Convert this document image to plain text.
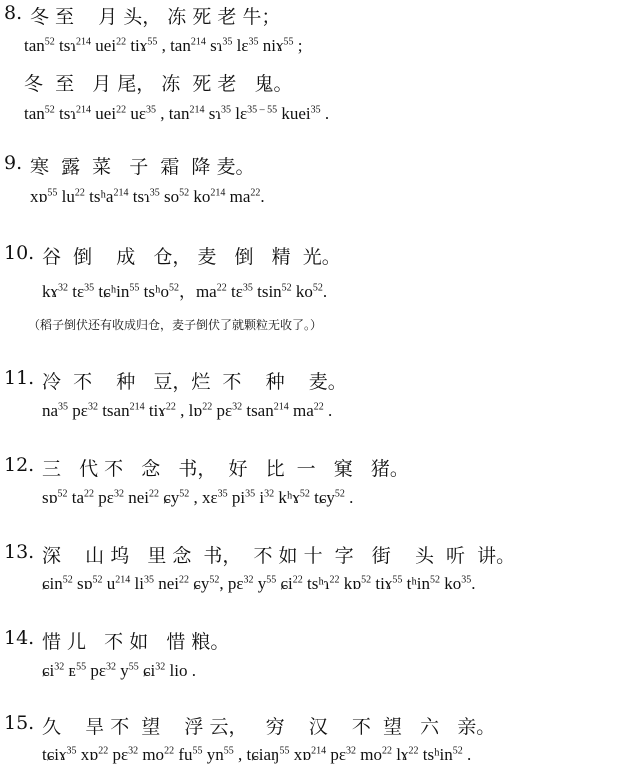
8. 冬 至    月 头， 冻 死 老 牛；
$\tan^{52}$ tsɿ$^{214}$ uei$^{22}$ tiɤ$^{55}$ , $\tan^{214}$ sɿ$^{35}$ lɛ$^{35}$ niɤ$^{55}$ ;
冬  至   月 尾， 冻  死 老   鬼。
$\tan^{52}$ tsɿ$^{214}$ uei$^{22}$ uɛ$^{35}$ , $\tan^{214}$ sɿ$^{35}$ lɛ$^{35 - 55}$ kuei$^{35}$ .
9. 寒  露  菜   子  霜  降 麦。
xɒ$^{55}$ $lu^{22}$ tsʰa$^{214}$ tsɿ$^{35}$ $so^{52}$ $ko^{214}$ $ma^{22}$.
10. 谷  倒    成   仓， 麦   倒   精  光。
kɤ$^{32}$ tɛ$^{35}$ tɕʰin$^{55}$ tsʰo$^{52}$，$ma^{22}$ tɛ$^{35}$ tsin$^{52}$ $ko^{52}$.
（稻子倒伏还有收成归仓，麦子倒伏了就颗粒无收了。）
11. 冷  不    种   豆，烂  不    种    麦。
$na^{35}$ pɛ$^{32}$ tsan$^{214}$ tiɤ$^{22}$ , lɒ$^{22}$ pɛ$^{32}$ tsan$^{214}$ $ma^{22}$ .
12. 三   代 不   念   书，  好   比  一   窠   猪。
sɒ$^{52}$ $ta^{22}$ pɛ$^{32}$ nei$^{22}$ ɕy$^{52}$ , xɛ$^{35}$ $pi^{35}$ $i^{32}$ kʰɤ$^{52}$ tɕy$^{52}$ .
13. 深    山 坞   里 念  书，  不 如 十  字   街    头  听  讲。
ɕin$^{52}$ sɒ$^{52}$ $u^{214}$ $li^{35}$ nei$^{22}$ ɕy$^{52}$, pɛ$^{32}$ $y^{55}$ ɕi$^{22}$ tsʰɿ$^{22}$ kɒ$^{52}$ tiɤ$^{55}$ tʰin$^{52}$ $ko^{35}$.
14. 惜 儿   不 如   惜 粮。
ɕi$^{32}$ ᴇ$^{55}$ pɛ$^{32}$ $y^{55}$ ɕi$^{32}$ lio .
15. 久    旱 不  望    浮 云，   穷    汉    不  望   六   亲。
tɕiɤ$^{35}$ xɒ$^{22}$ pɛ$^{32}$ $mo^{22}$ $fu^{55}$ $yn^{55}$ , tɕiaŋ$^{55}$ xɒ$^{214}$ pɛ$^{32}$ $mo^{22}$ lɤ$^{22}$ tsʰin$^{52}$ .
